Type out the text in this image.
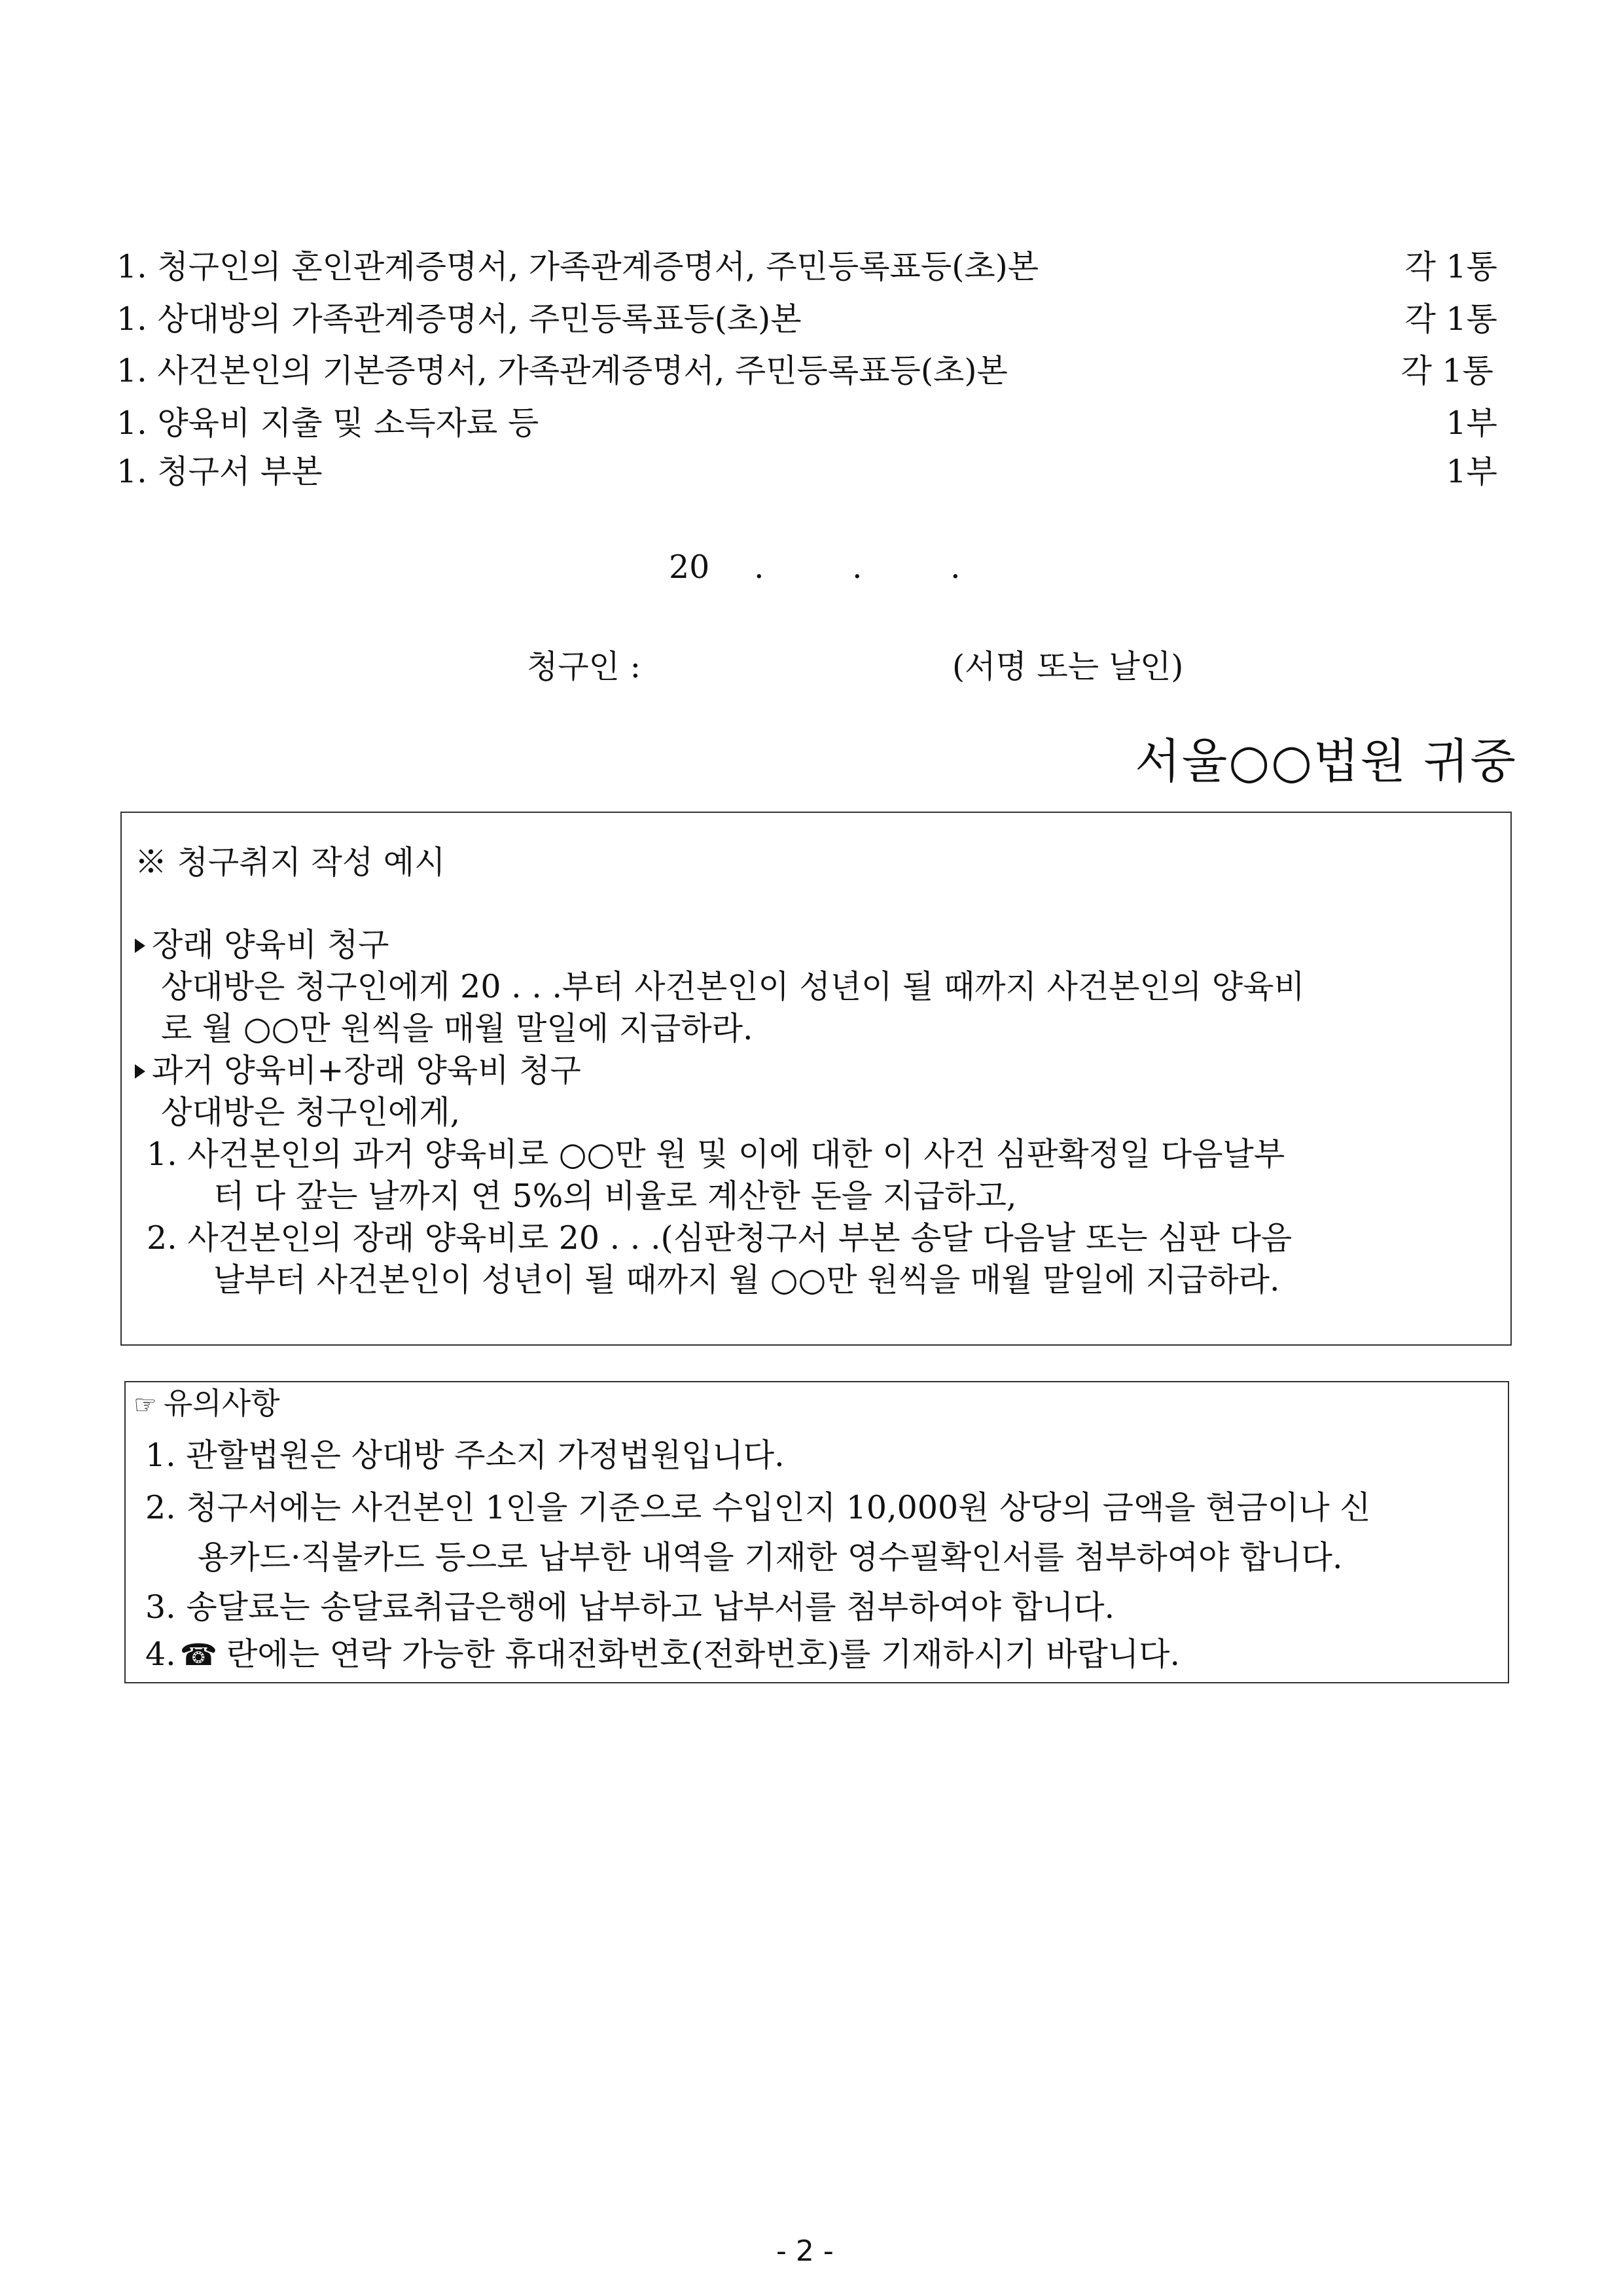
1. 청구인의 혼인관계증명서, 가족관계증명서, 주민등록표등(초)본	각 1통
1. 상대방의 가족관계증명서, 주민등록표등(초)본	각 1통
1. 사건본인의 기본증명서, 가족관계증명서, 주민등록표등(초)본	각 1통
1. 양육비 지출 및 소득자료 등	1부
1. 청구서 부본	1부
20 .	.	.
청구인 :	(서명 또는 날인)
서울○○법원 귀중
※ 청구취지 작성 예시
장래 양육비 청구
상대방은 청구인에게 20 . . .부터 사건본인이 성년이 될 때까지 사건본인의 양육비
로 월 ○○만 원씩을 매월 말일에 지급하라.
과거 양육비+장래 양육비 청구
상대방은 청구인에게,
1. 사건본인의 과거 양육비로 ○○만 원 및 이에 대한 이 사건 심판확정일 다음날부
터 다 갚는 날까지 연 5%의 비율로 계산한 돈을 지급하고,
2. 사건본인의 장래 양육비로 20 . . .(심판청구서 부본 송달 다음날 또는 심판 다음
날부터 사건본인이 성년이 될 때까지 월 ○○만 원씩을 매월 말일에 지급하라.
☞ 유의사항
1. 관할법원은 상대방 주소지 가정법원입니다.
2. 청구서에는 사건본인 1인을 기준으로 수입인지 10,000원 상당의 금액을 현금이나 신
용카드·직불카드 등으로 납부한 내역을 기재한 영수필확인서를 첨부하여야 합니다.
3. 송달료는 송달료취급은행에 납부하고 납부서를 첨부하여야 합니다.
4. ☎ 란에는 연락 가능한 휴대전화번호(전화번호)를 기재하시기 바랍니다.
- 2 -
